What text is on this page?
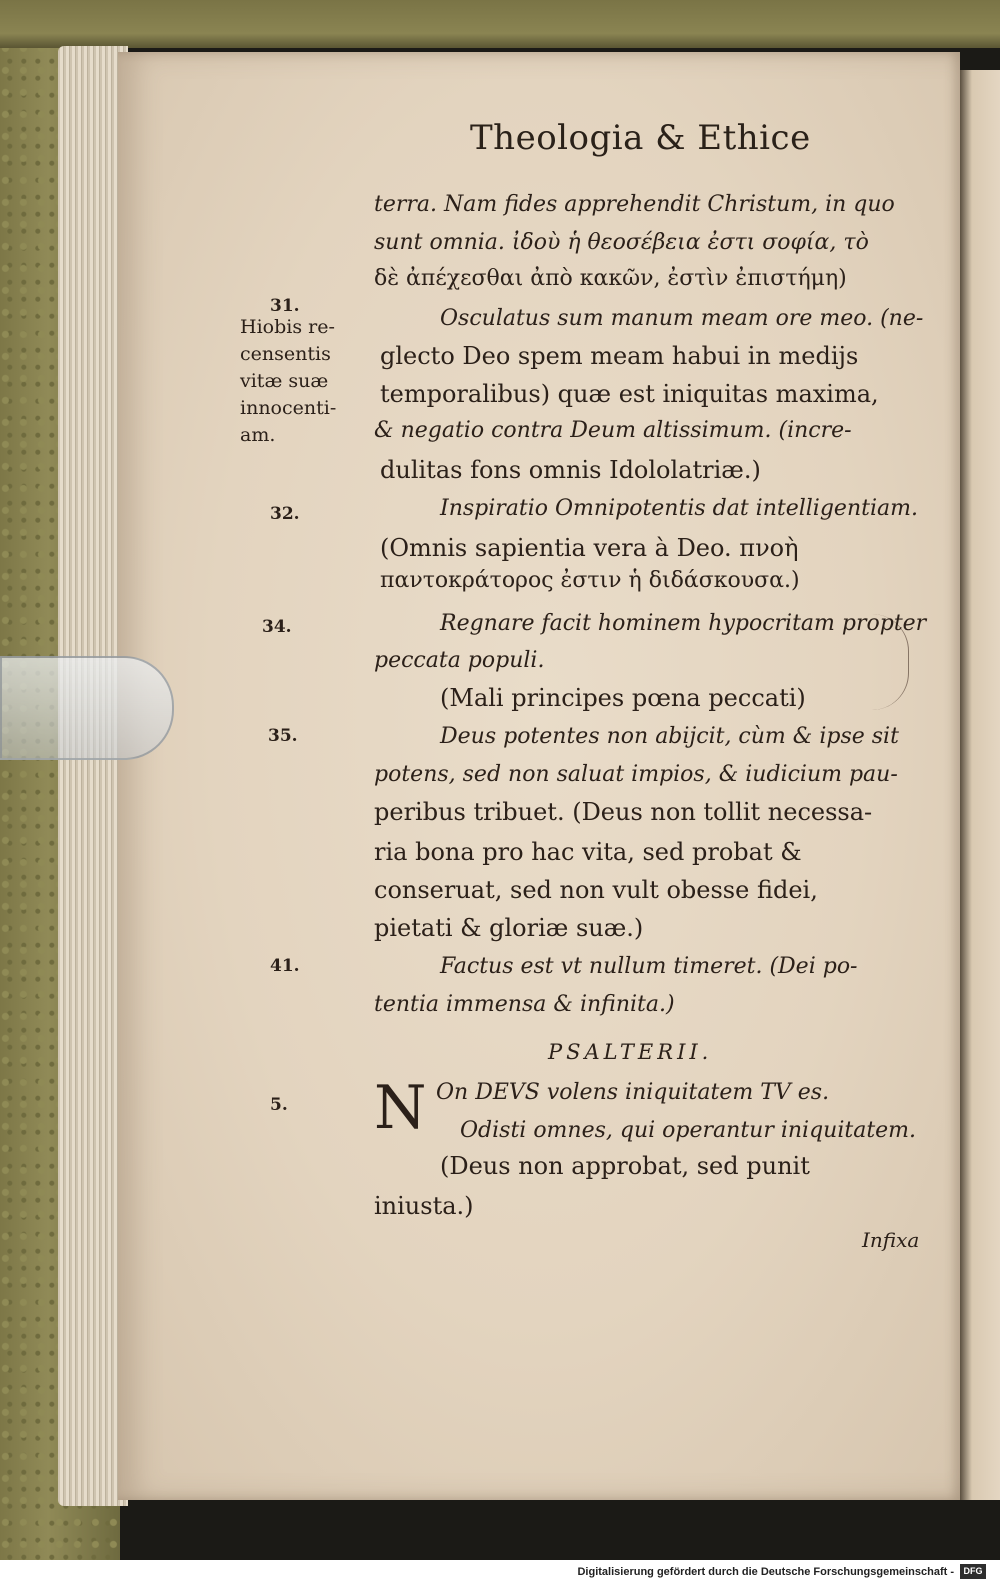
Theologia & Ethice
31.
Hiobis re-
censentis
vitæ suæ
innocenti-
am.
32.
34.
35.
41.
5.
terra. Nam fides apprehendit Christum, in quo
sunt omnia. ἰδοὺ ἡ θεοσέβεια ἐστι σοφία, τὸ
δὲ ἀπέχεσθαι ἀπὸ κακῶν, ἐστὶν ἐπιστήμη)
Osculatus sum manum meam ore meo. (ne-
glecto Deo spem meam habui in medijs
temporalibus) quæ est iniquitas maxima,
& negatio contra Deum altissimum. (incre-
dulitas fons omnis Idololatriæ.)
Inspiratio Omnipotentis dat intelligentiam.
(Omnis sapientia vera à Deo. πνοὴ
παντοκράτορος ἐστιν ἡ διδάσκουσα.)
Regnare facit hominem hypocritam propter
peccata populi.
(Mali principes pœna peccati)
Deus potentes non abijcit, cùm & ipse sit
potens, sed non saluat impios, & iudicium pau-
peribus tribuet. (Deus non tollit necessa-
ria bona pro hac vita, sed probat &
conseruat, sed non vult obesse fidei,
pietati & gloriæ suæ.)
Factus est vt nullum timeret. (Dei po-
tentia immensa & infinita.)
PSALTERII.
N On DEVS volens iniquitatem TV es.
Odisti omnes, qui operantur iniquitatem.
(Deus non approbat, sed punit
iniusta.)
Infixa
Digitalisierung gefördert durch die Deutsche Forschungsgemeinschaft -	DFG
